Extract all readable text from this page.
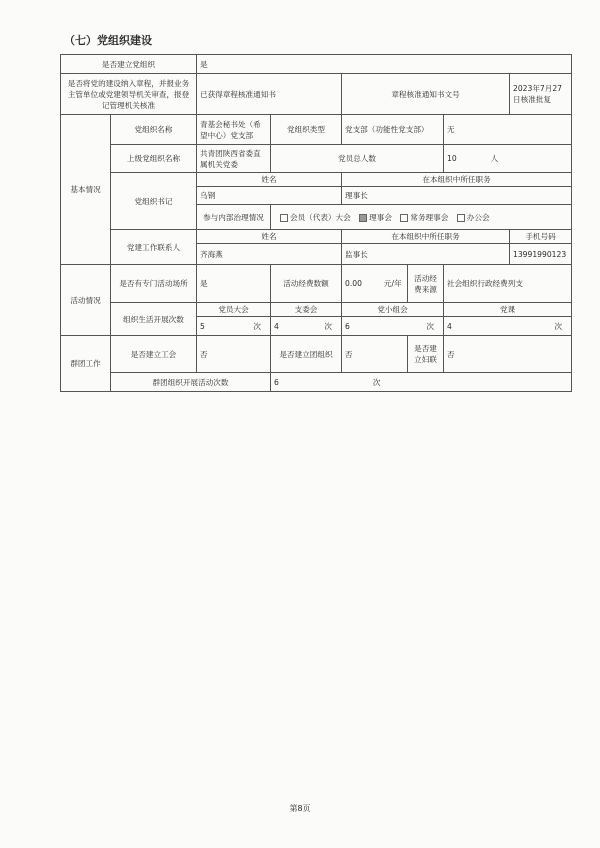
（七）党组织建设
是否建立党组织		是					
是否将党的建设纳入章程，并报业务主管单位或党建领导机关审查，报登记管理机关核准		已获得章程核准通知书		章程核准通知书文号			2023年7月27日核准批复
基本情况	党组织名称	青基会秘书处（希望中心）党支部	党组织类型	党支部（功能性党支部）		无	
	上级党组织名称	共青团陕西省委直属机关党委	党员总人数			10 人	
	党组织书记	姓名		在本组织中所任职务			
		乌钢		理事长			
		参与内部治理情况	会员（代表）大会 理事会 常务理事会 办公会				
	党建工作联系人	姓名		在本组织中所任职务			手机号码
		齐海燕		监事长			13991990123
活动情况	是否有专门活动场所	是	活动经费数额	0.00 元/年	活动经费来源	社会组织行政经费列支	
	组织生活开展次数	党员大会	支委会	党小组会		党课	
		5 次	4 次	6 次		4 次	

群团工作	是否建立工会	否	是否建立团组织	否	是否建立妇联	否	
	群团组织开展活动次数		6 次				
第8页
